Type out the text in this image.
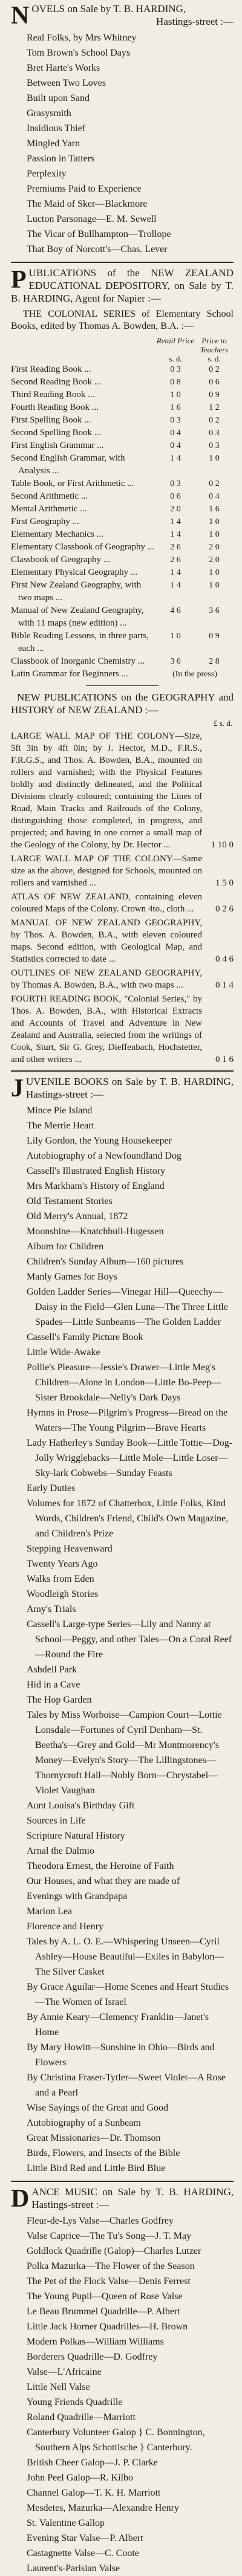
N OVELS on Sale by T. B. HARDING,
Hastings-street :—

Real Folks, by Mrs Whitney
Tom Brown's School Days
Bret Harte's Works
Between Two Loves
Built upon Sand
Grasysmith
Insidious Thief
Mingled Yarn
Passion in Tatters
Perplexity
Premiums Paid to Experience
The Maid of Sker—Blackmore
Lucton Parsonage—E. M. Sewell
The Vicar of Bullhampton—Trollope
That Boy of Norcott's—Chas. Lever

P UBLICATIONS of the NEW ZEALAND EDUCATIONAL DEPOSITORY, on Sale by T. B. HARDING, Agent for Napier :—

THE COLONIAL SERIES of Elementary School Books, edited by Thomas A. Bowden, B.A. :—

Retail Price Price to Teachers
s. d.	s. d.
First Reading Book ...	0 3	0 2
Second Reading Book ...	0 8	0 6
Third Reading Book ...	1 0	0 9
Fourth Reading Book ...	1 6	1 2
First Spelling Book ...	0 3	0 2
Second Spelling Book ...	0 4	0 3
First English Grammar ...	0 4	0 3
Second English Grammar, with Analysis ...	1 4	1 0
Table Book, or First Arithmetic ...	0 3	0 2
Second Arithmetic ...	0 6	0 4
Mental Arithmetic ...	2 0	1 6
First Geography ...	1 4	1 0
Elementary Mechanics ...	1 4	1 0
Elementary Classbook of Geography ...	2 6	2 0
Classbook of Geography ...	2 6	2 0
Elementary Physical Geography ...	1 4	1 0
First New Zealand Geography, with two maps ...	1 4	1 0
Manual of New Zealand Geography, with 11 maps (new edition) ...	4 6	3 6
Bible Reading Lessons, in three parts, each ...	1 0	0 9
Classbook of Inorganic Chemistry ...	3 6	2 8
Latin Grammar for Beginners ...	(In the press)	

NEW PUBLICATIONS on the GEOGRAPHY and HISTORY of NEW ZEALAND :—

£ s. d.
LARGE WALL MAP OF THE COLONY—Size, 5ft 3in by 4ft 0in; by J. Hector, M.D., F.R.S., F.R.G.S., and Thos. A. Bowden, B.A., mounted on rollers and varnished; with the Physical Features boldly and distinctly delineated, and the Political Divisions clearly coloured; containing the Lines of Road, Main Tracks and Railroads of the Colony, distinguishing those completed, in progress, and projected; and having in one corner a small map of the Geology of the Colony, by Dr. Hector ...	1 10 0
LARGE WALL MAP OF THE COLONY—Same size as the above, designed for Schools, mounted on rollers and varnished ...	1 5 0
ATLAS OF NEW ZEALAND, containing eleven coloured Maps of the Colony. Crown 4to., cloth ...	0 2 6
MANUAL OF NEW ZEALAND GEOGRAPHY, by Thos. A. Bowden, B.A., with eleven coloured maps. Second edition, with Geological Map, and Statistics corrected to date ...	0 4 6
OUTLINES OF NEW ZEALAND GEOGRAPHY, by Thomas A. Bowden, B.A., with two maps ...	0 1 4
FOURTH READING BOOK, "Colonial Series," by Thos. A. Bowden, B.A., with Historical Extracts and Accounts of Travel and Adventure in New Zealand and Australia, selected from the writings of Cook, Sturt, Sir G. Grey, Dieffenbach, Hochstetter, and other writers ...	0 1 6

J UVENILE BOOKS on Sale by T. B. HARDING, Hastings-street :—

Mince Pie Island
The Merrie Heart
Lily Gordon, the Young Housekeeper
Autobiography of a Newfoundland Dog
Cassell's Illustrated English History
Mrs Markham's History of England
Old Testament Stories
Old Merry's Annual, 1872
Moonshine—Knatchbull-Hugessen
Album for Children
Children's Sunday Album—160 pictures
Manly Games for Boys
Golden Ladder Series—Vinegar Hill—Queechy—Daisy in the Field—Glen Luna—The Three Little Spades—Little Sunbeams—The Golden Ladder
Cassell's Family Picture Book
Little Wide-Awake
Pollie's Pleasure—Jessie's Drawer—Little Meg's Children—Alone in London—Little Bo-Peep—Sister Brookdale—Nelly's Dark Days
Hymns in Prose—Pilgrim's Progress—Bread on the Waters—The Young Pilgrim—Brave Hearts
Lady Hatherley's Sunday Book—Little Tottie—Dog-Jolly Wrigglebacks—Little Mole—Little Loser—Sky-lark Cobwebs—Sunday Feasts
Early Duties
Volumes for 1872 of Chatterbox, Little Folks, Kind Words, Children's Friend, Child's Own Magazine, and Children's Prize
Stepping Heavenward
Twenty Years Ago
Walks from Eden
Woodleigh Stories
Amy's Trials
Cassell's Large-type Series—Lily and Nanny at School—Peggy, and other Tales—On a Coral Reef—Round the Fire
Ashdell Park
Hid in a Cave
The Hop Garden
Tales by Miss Worboise—Campion Court—Lottie Lonsdale—Fortunes of Cyril Denham—St. Beetha's—Grey and Gold—Mr Montmorency's Money—Evelyn's Story—The Lillingstones—Thornycroft Hall—Nobly Born—Chrystabel—Violet Vaughan
Aunt Louisa's Birthday Gift
Sources in Life
Scripture Natural History
Arnal the Dalmio
Theodora Ernest, the Heroine of Faith
Our Houses, and what they are made of
Evenings with Grandpapa
Marion Lea
Florence and Henry
Tales by A. L. O. E.—Whispering Unseen—Cyril Ashley—House Beautiful—Exiles in Babylon—The Silver Casket
By Grace Aguilar—Home Scenes and Heart Studies—The Women of Israel
By Annie Keary—Clemency Franklin—Janet's Home
By Mary Howitt—Sunshine in Ohio—Birds and Flowers
By Christina Fraser-Tytler—Sweet Violet—A Rose and a Pearl
Wise Sayings of the Great and Good
Autobiography of a Sunbeam
Great Missionaries—Dr. Thomson
Birds, Flowers, and Insects of the Bible
Little Bird Red and Little Bird Blue

D ANCE MUSIC on Sale by T. B. HARDING, Hastings-street :—

Fleur-de-Lys Valse—Charles Godfrey
Valse Caprice—The Tu's Song—J. T. May
Goldlock Quadrille (Galop)—Charles Lutzer
Polka Mazurka—The Flower of the Season
The Pet of the Flock Valse—Denis Ferrest
The Young Pupil—Queen of Rose Valse
Le Beau Brummel Quadrille—P. Albert
Little Jack Horner Quadrilles—H. Brown
Modern Polkas—William Williams
Borderers Quadrille—D. Godfrey
Valse—L'Africaine
Little Nell Valse
Young Friends Quadrille
Roland Quadrille—Marriott
Canterbury Volunteer Galop } C. Bonnington, Southern Alps Schottische } Canterbury.
British Cheer Galop—J. P. Clarke
John Peel Galop—R. Kilbo
Channel Galop—T. K. H. Marriott
Mesdetes, Mazurka—Alexandre Henry
St. Valentine Gallop
Evening Star Valse—P. Albert
Castagnette Valse—C. Coote
Laurent's-Parisian Valse
